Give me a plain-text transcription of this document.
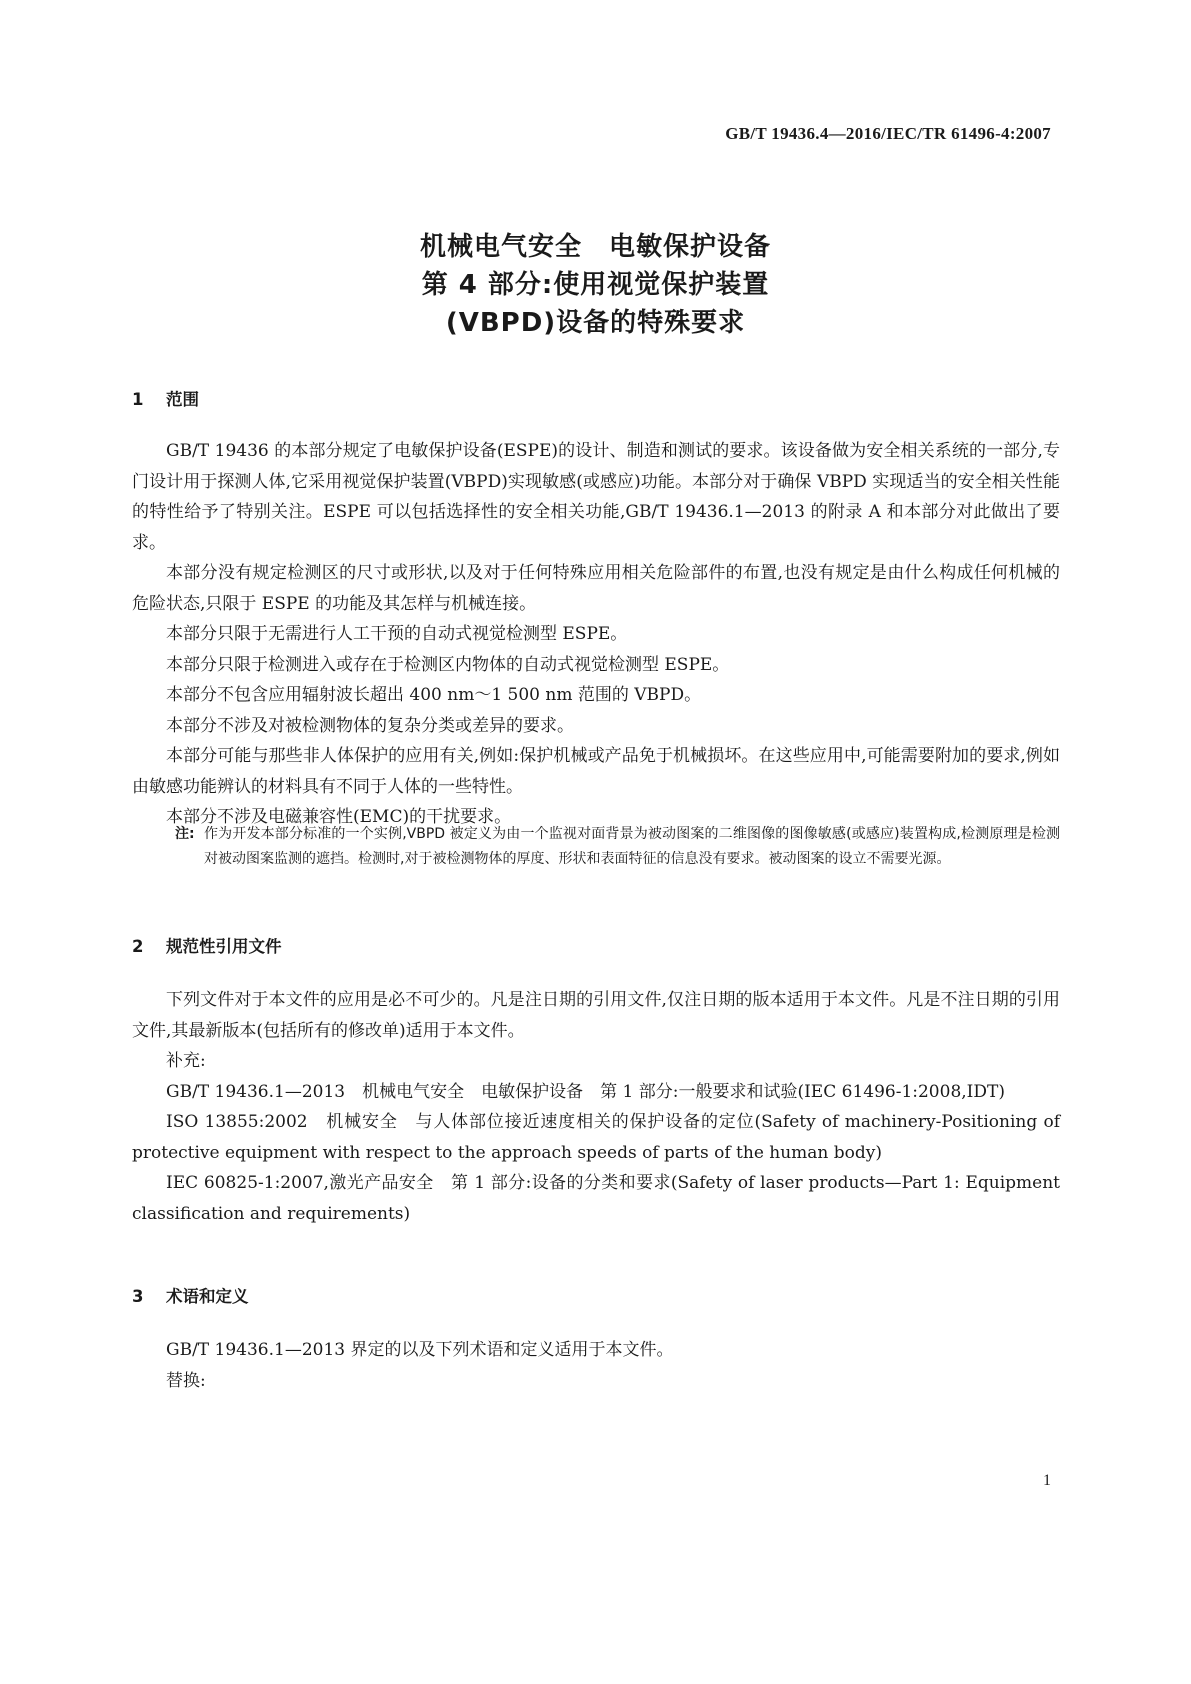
GB/T 19436.4—2016/IEC/TR 61496-4:2007
机械电气安全　电敏保护设备
第 4 部分:使用视觉保护装置
(VBPD)设备的特殊要求
1 范围

GB/T 19436 的本部分规定了电敏保护设备(ESPE)的设计、制造和测试的要求。该设备做为安全相关系统的一部分,专门设计用于探测人体,它采用视觉保护装置(VBPD)实现敏感(或感应)功能。本部分对于确保 VBPD 实现适当的安全相关性能的特性给予了特别关注。ESPE 可以包括选择性的安全相关功能,GB/T 19436.1—2013 的附录 A 和本部分对此做出了要求。

本部分没有规定检测区的尺寸或形状,以及对于任何特殊应用相关危险部件的布置,也没有规定是由什么构成任何机械的危险状态,只限于 ESPE 的功能及其怎样与机械连接。

本部分只限于无需进行人工干预的自动式视觉检测型 ESPE。

本部分只限于检测进入或存在于检测区内物体的自动式视觉检测型 ESPE。

本部分不包含应用辐射波长超出 400 nm～1 500 nm 范围的 VBPD。

本部分不涉及对被检测物体的复杂分类或差异的要求。

本部分可能与那些非人体保护的应用有关,例如:保护机械或产品免于机械损坏。在这些应用中,可能需要附加的要求,例如由敏感功能辨认的材料具有不同于人体的一些特性。

本部分不涉及电磁兼容性(EMC)的干扰要求。

注: 作为开发本部分标准的一个实例,VBPD 被定义为由一个监视对面背景为被动图案的二维图像的图像敏感(或感应)装置构成,检测原理是检测对被动图案监测的遮挡。检测时,对于被检测物体的厚度、形状和表面特征的信息没有要求。被动图案的设立不需要光源。
2 规范性引用文件

下列文件对于本文件的应用是必不可少的。凡是注日期的引用文件,仅注日期的版本适用于本文件。凡是不注日期的引用文件,其最新版本(包括所有的修改单)适用于本文件。

补充:

GB/T 19436.1—2013　机械电气安全　电敏保护设备　第 1 部分:一般要求和试验(IEC 61496-1:2008,IDT)

ISO 13855:2002　机械安全　与人体部位接近速度相关的保护设备的定位(Safety of machinery-Positioning of protective equipment with respect to the approach speeds of parts of the human body)

IEC 60825-1:2007,激光产品安全　第 1 部分:设备的分类和要求(Safety of laser products—Part 1: Equipment classification and requirements)

3 术语和定义

GB/T 19436.1—2013 界定的以及下列术语和定义适用于本文件。

替换:

1
